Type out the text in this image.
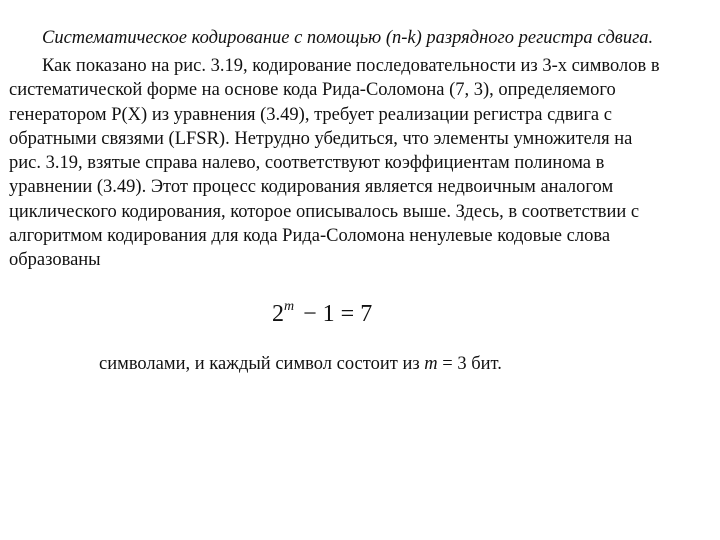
Систематическое кодирование с помощью (n-k) разрядного регистра сдвига.
Как показано на рис. 3.19, кодирование последовательности из 3-х символов в
систематической форме на основе кода Рида-Соломона (7, 3), определяемого
генератором P(X) из уравнения (3.49), требует реализации регистра сдвига с
обратными связями (LFSR). Нетрудно убедиться, что элементы умножителя на
рис. 3.19, взятые справа налево, соответствуют коэффициентам полинома в
уравнении (3.49). Этот процесс кодирования является недвоичным аналогом
циклического кодирования, которое описывалось выше. Здесь, в соответствии с
алгоритмом кодирования для кода Рида-Соломона ненулевые кодовые слова
образованы
$2^m - 1 = 7$
символами, и каждый символ состоит из m = 3 бит.
